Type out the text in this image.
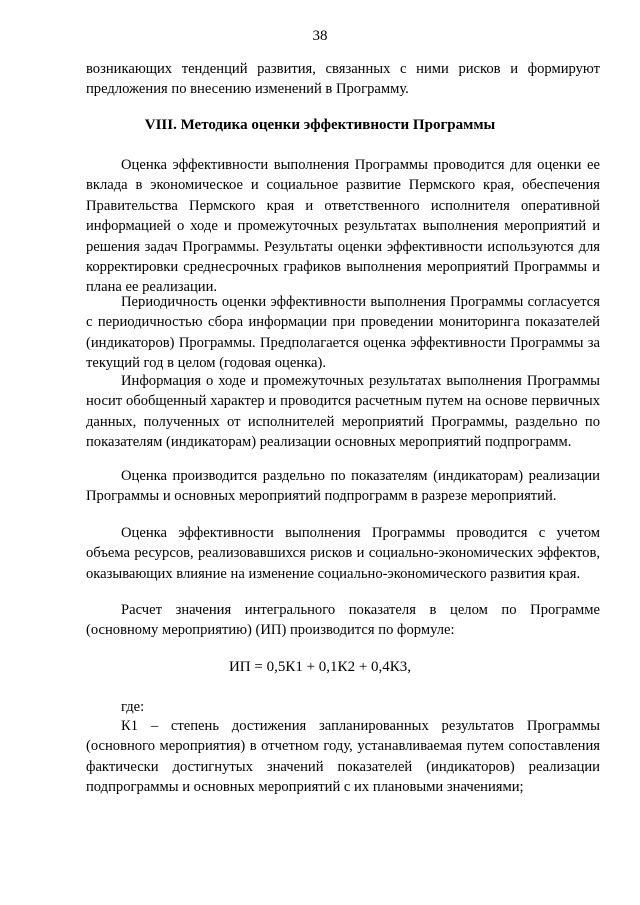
38

возникающих тенденций развития, связанных с ними рисков и формируют

предложения по внесению изменений в Программу.

VIII. Методика оценки эффективности Программы

Оценка эффективности выполнения Программы проводится для оценки ее вклада в экономическое и социальное развитие Пермского края, обеспечения Правительства Пермского края и ответственного исполнителя оперативной информацией о ходе и промежуточных результатах выполнения мероприятий и решения задач Программы. Результаты оценки эффективности используются для корректировки среднесрочных графиков выполнения мероприятий Программы и плана ее реализации.

Периодичность оценки эффективности выполнения Программы согласуется с периодичностью сбора информации при проведении мониторинга показателей (индикаторов) Программы. Предполагается оценка эффективности Программы за текущий год в целом (годовая оценка).

Информация о ходе и промежуточных результатах выполнения Программы носит обобщенный характер и проводится расчетным путем на основе первичных данных, полученных от исполнителей мероприятий Программы, раздельно по показателям (индикаторам) реализации основных мероприятий подпрограмм.

Оценка производится раздельно по показателям (индикаторам) реализации Программы и основных мероприятий подпрограмм в разрезе мероприятий.

Оценка эффективности выполнения Программы проводится с учетом объема ресурсов, реализовавшихся рисков и социально-экономических эффектов, оказывающих влияние на изменение социально-экономического развития края.

Расчет значения интегрального показателя в целом по Программе (основному мероприятию) (ИП) производится по формуле:

ИП = 0,5К1 + 0,1К2 + 0,4К3,

где:

К1 – степень достижения запланированных результатов Программы (основного мероприятия) в отчетном году, устанавливаемая путем сопоставления фактически достигнутых значений показателей (индикаторов) реализации подпрограммы и основных мероприятий с их плановыми значениями;
